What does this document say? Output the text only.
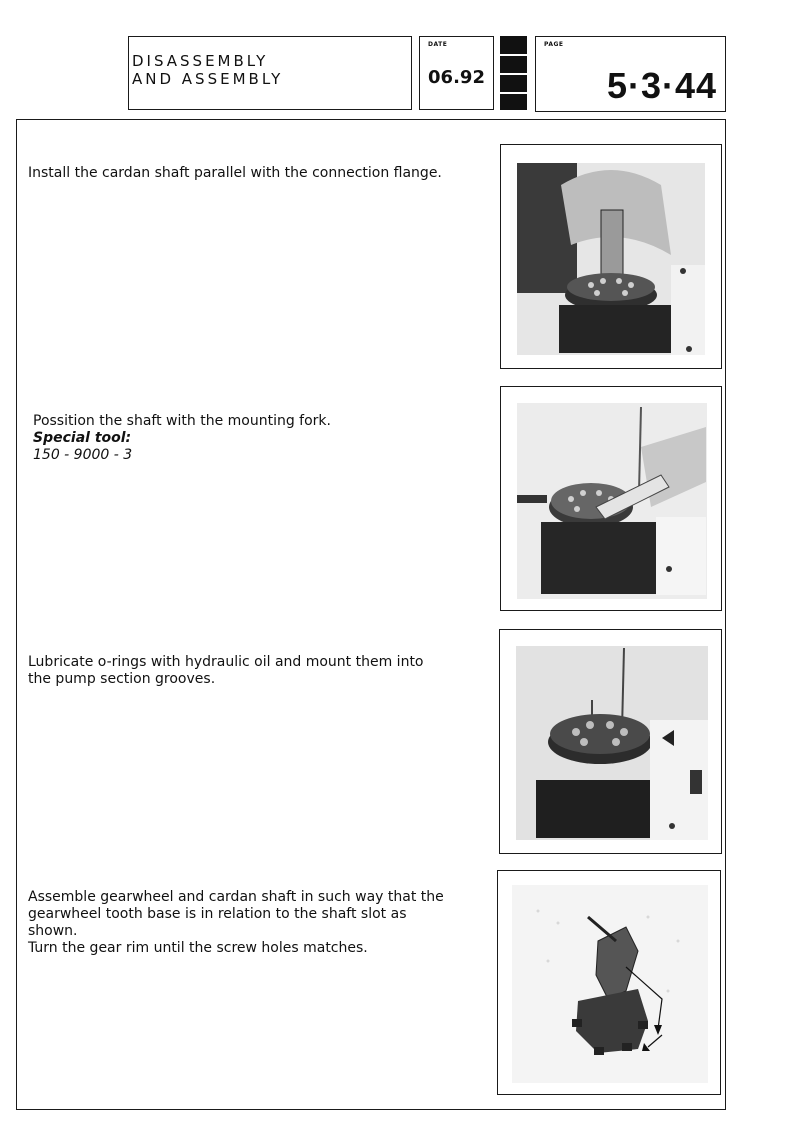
DISASSEMBLY
AND ASSEMBLY
DATE
06.92
PAGE
5·3·44

Install the cardan shaft parallel with the connection flange.

Possition the shaft with the mounting fork.

Special tool:

150 - 9000 - 3

Lubricate o-rings with hydraulic oil and mount them into

the pump section grooves.

Assemble gearwheel and cardan shaft in such way that the

gearwheel tooth base is in relation to the shaft slot as

shown.

Turn the gear rim until the screw holes matches.
